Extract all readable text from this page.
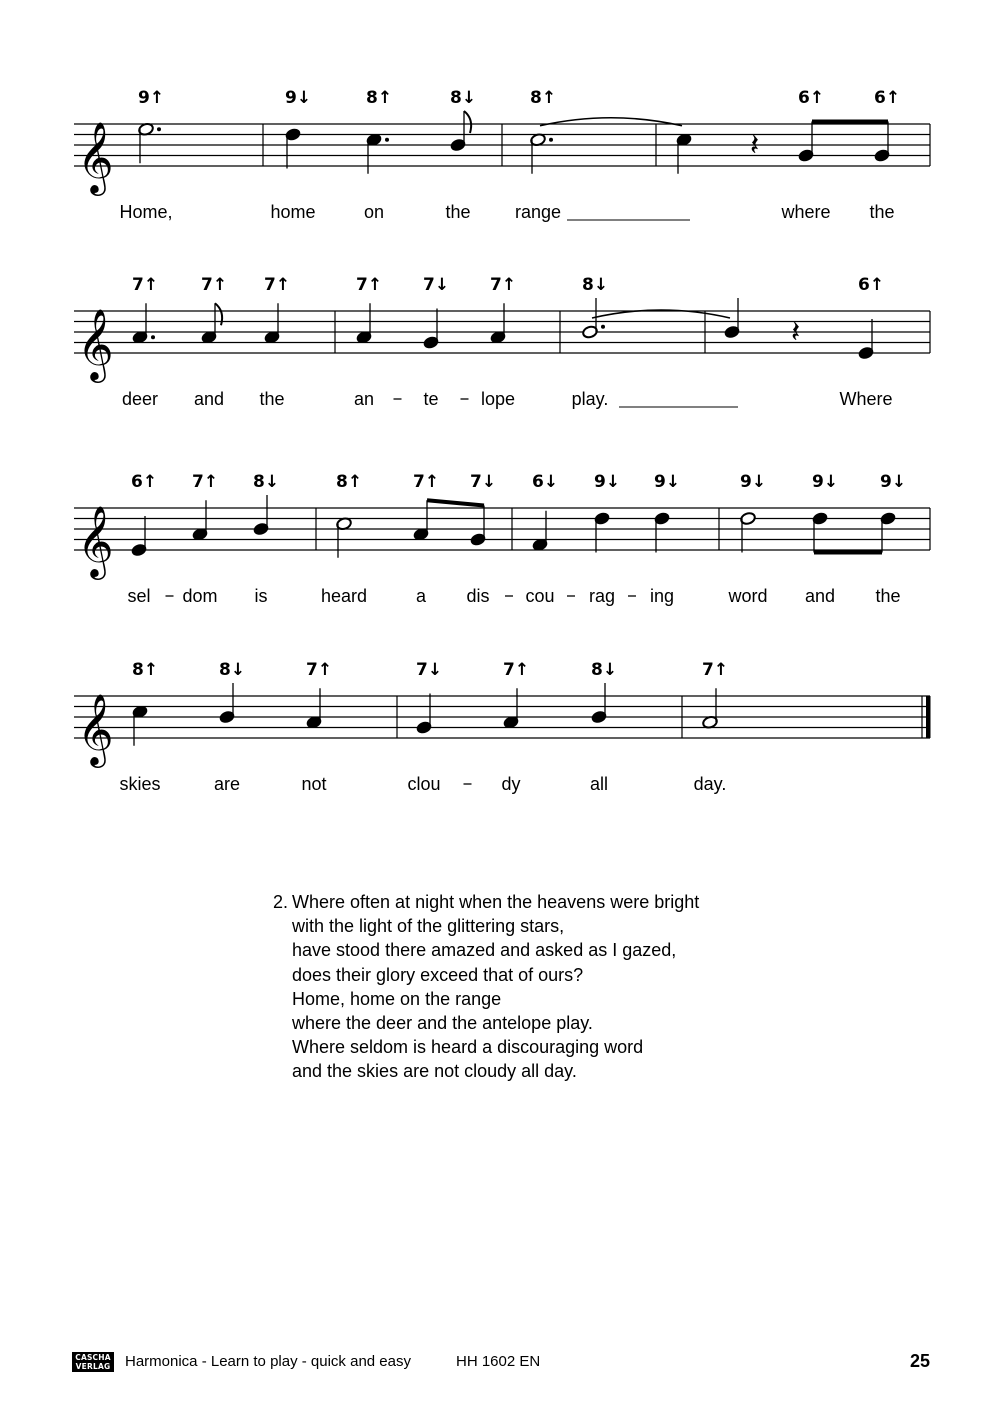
𝄞
9↑
Home,
9↓
home
8↑
on
8↓
the
8↑
range
𝄽
6↑
where
6↑
the
𝄞
7↑
deer
7↑
and
7↑
the
7↑
an
7↓
te
7↑
lope
8↓
play.
𝄽
6↑
Where
𝄞
6↑
sel
7↑
dom
8↓
is
8↑
heard
7↑
a
7↓
dis
6↓
cou
9↓
rag
9↓
ing
9↓
word
9↓
and
9↓
the
𝄞
8↑
skies
8↓
are
7↑
not
7↓
clou
7↑
dy
8↓
all
7↑
day.
2. Where often at night when the heavens were bright
with the light of the glittering stars,
have stood there amazed and asked as I gazed,
does their glory exceed that of ours?
Home, home on the range
where the deer and the antelope play.
Where seldom is heard a discouraging word
and the skies are not cloudy all day.
CASCHA
VERLAG Harmonica - Learn to play - quick and easy	HH 1602 EN	25
